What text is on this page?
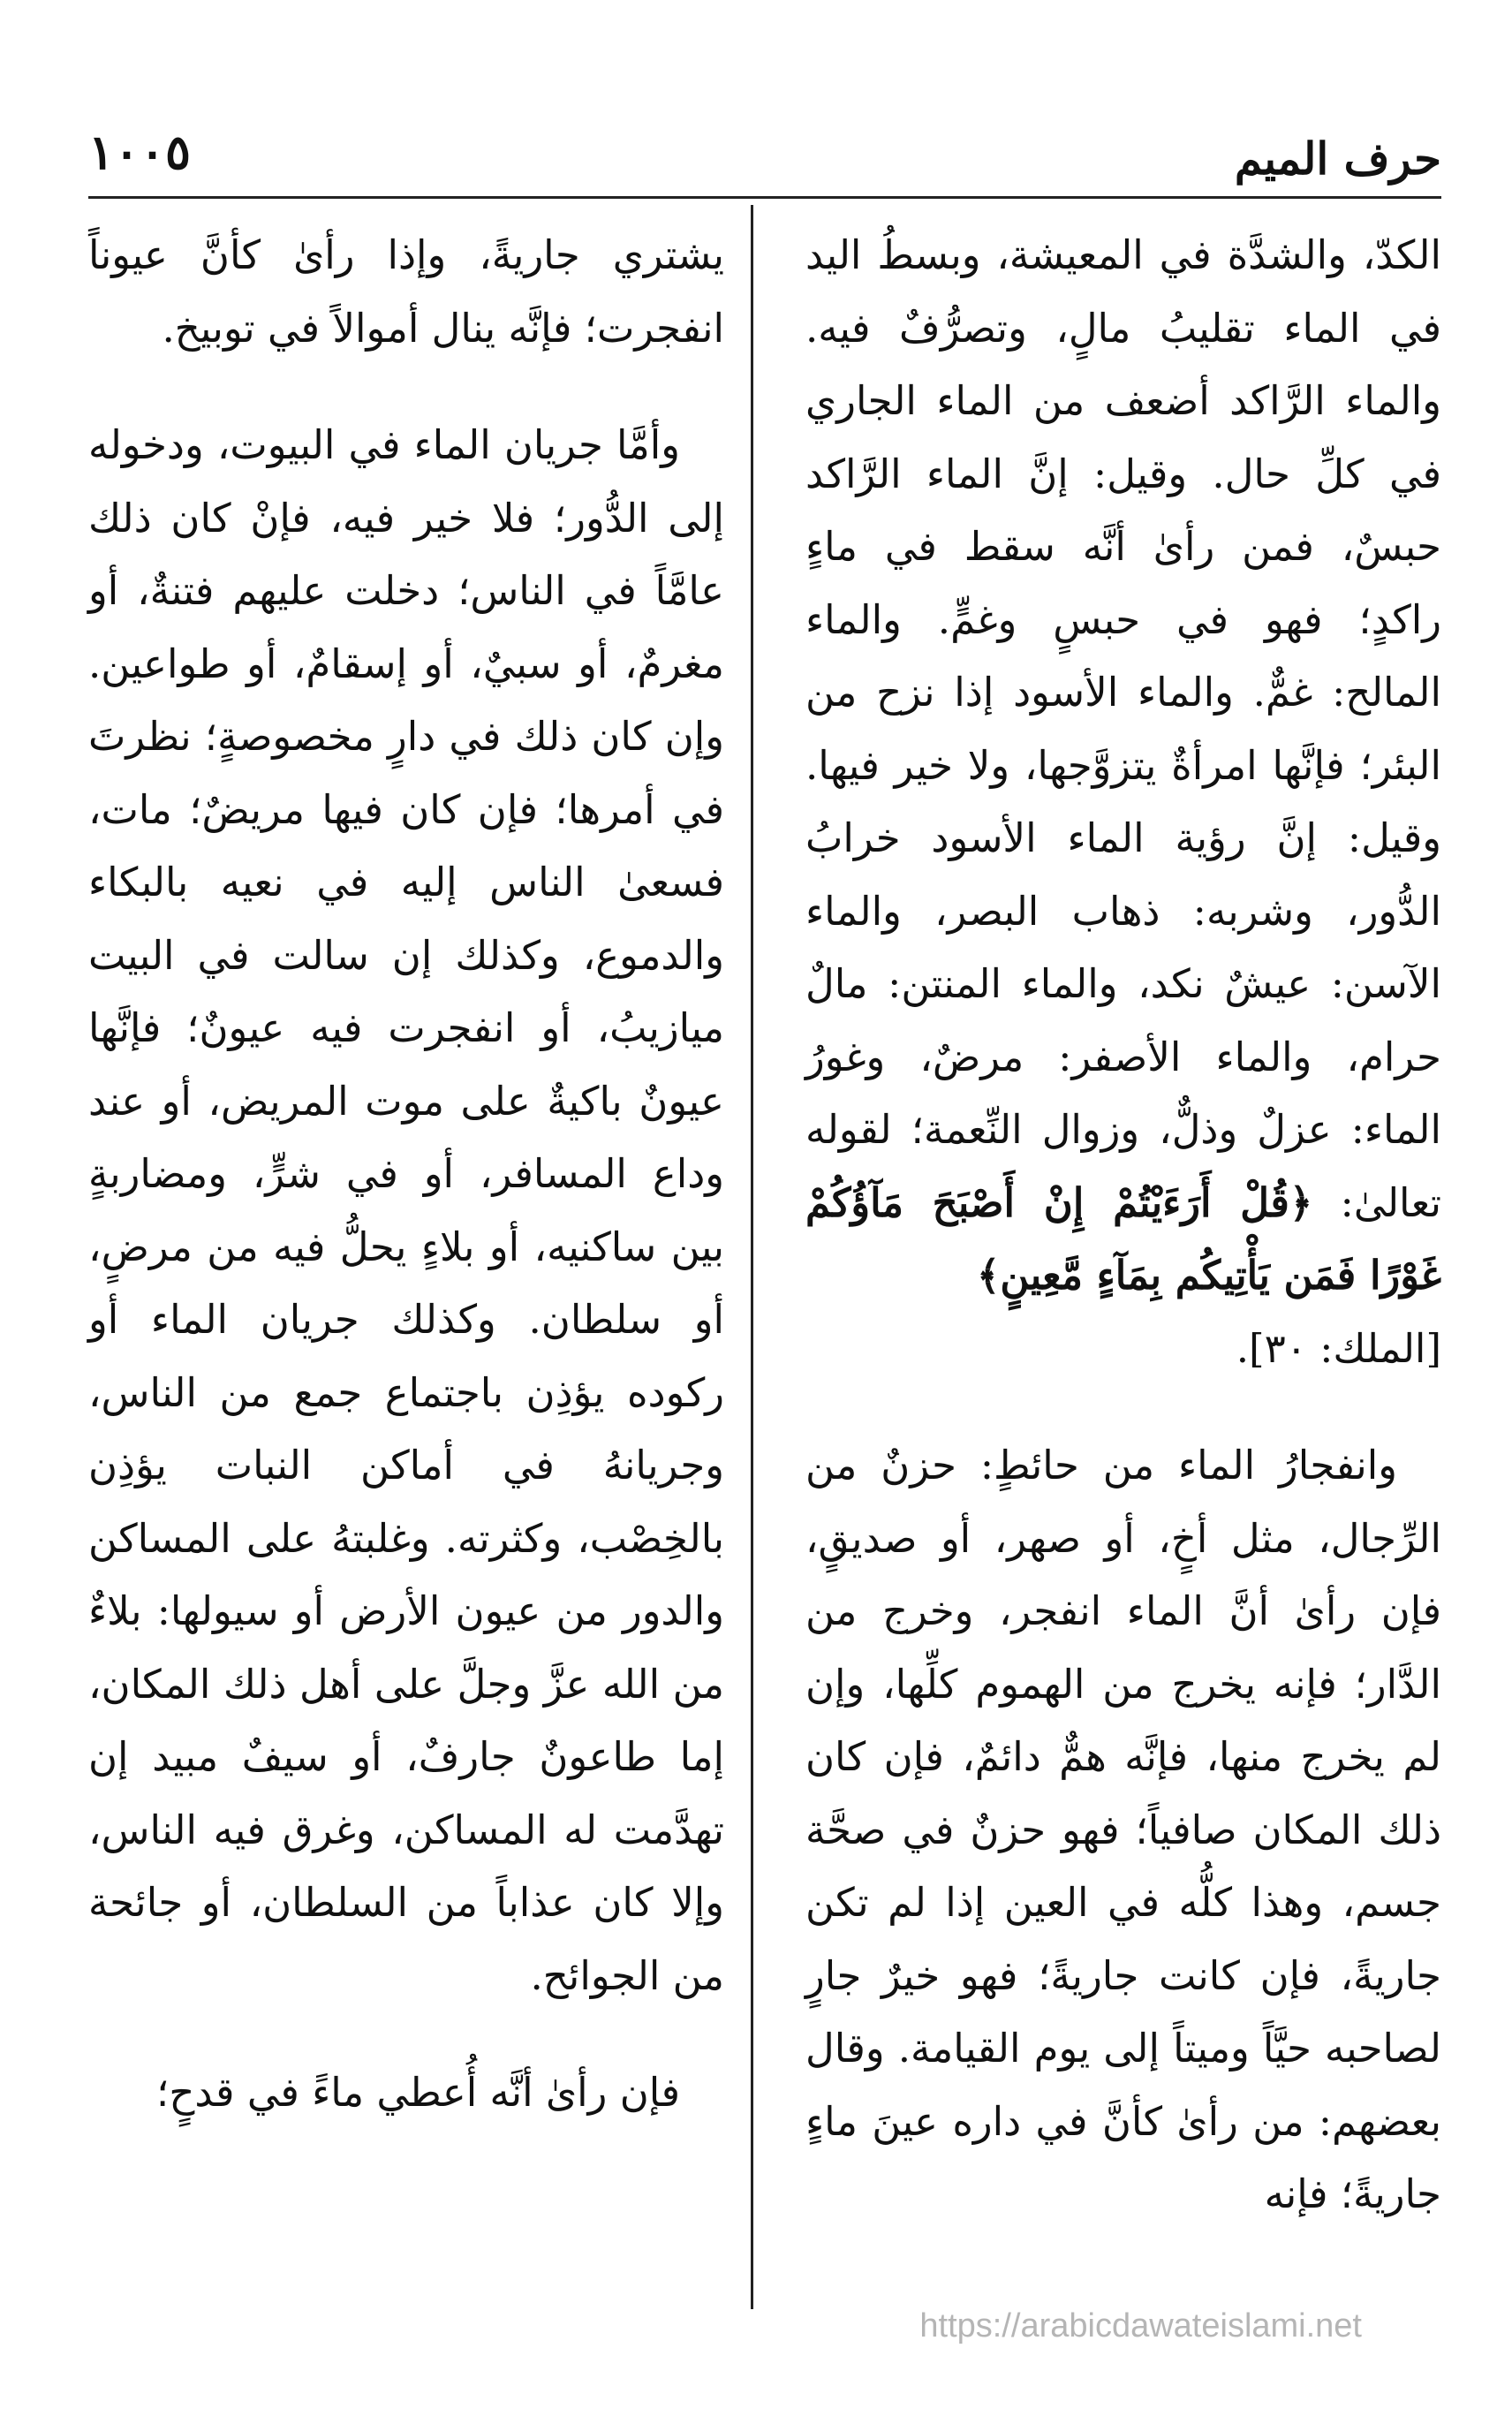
حرف الميم
١٠٠٥

الكدّ، والشدَّة في المعيشة، وبسطُ اليد في الماء تقليبُ مالٍ، وتصرُّفٌ فيه. والماء الرَّاكد أضعف من الماء الجاري في كلِّ حال. وقيل: إنَّ الماء الرَّاكد حبسٌ، فمن رأىٰ أنَّه سقط في ماءٍ راكدٍ؛ فهو في حبسٍ وغمٍّ. والماء المالح: غمٌّ. والماء الأسود إذا نزح من البئر؛ فإنَّها امرأةٌ يتزوَّجها، ولا خير فيها. وقيل: إنَّ رؤية الماء الأسود خرابُ الدُّور، وشربه: ذهاب البصر، والماء الآسن: عيشٌ نكد، والماء المنتن: مالٌ حرام، والماء الأصفر: مرضٌ، وغورُ الماء: عزلٌ وذلٌّ، وزوال النِّعمة؛ لقوله تعالىٰ: ﴿قُلْ أَرَءَيْتُمْ إِنْ أَصْبَحَ مَآؤُكُمْ غَوْرًا فَمَن يَأْتِيكُم بِمَآءٍ مَّعِينٍ﴾
[الملك: ٣٠].

وانفجارُ الماء من حائطٍ: حزنٌ من الرِّجال، مثل أخٍ، أو صهر، أو صديقٍ، فإن رأىٰ أنَّ الماء انفجر، وخرج من الدَّار؛ فإنه يخرج من الهموم كلِّها، وإن لم يخرج منها، فإنَّه همٌّ دائمٌ، فإن كان ذلك المكان صافياً؛ فهو حزنٌ في صحَّة جسم، وهذا كلُّه في العين إذا لم تكن جاريةً، فإن كانت جاريةً؛ فهو خيرٌ جارٍ لصاحبه حيَّاً وميتاً إلى يوم القيامة. وقال بعضهم: من رأىٰ كأنَّ في داره عينَ ماءٍ جاريةً؛ فإنه

يشتري جاريةً، وإذا رأىٰ كأنَّ عيوناً انفجرت؛ فإنَّه ينال أموالاً في توبيخ.

وأمَّا جريان الماء في البيوت، ودخوله إلى الدُّور؛ فلا خير فيه، فإنْ كان ذلك عامَّاً في الناس؛ دخلت عليهم فتنةٌ، أو مغرمٌ، أو سبيٌ، أو إسقامٌ، أو طواعين. وإن كان ذلك في دارٍ مخصوصةٍ؛ نظرتَ في أمرها؛ فإن كان فيها مريضٌ؛ مات، فسعىٰ الناس إليه في نعيه بالبكاء والدموع، وكذلك إن سالت في البيت ميازيبُ، أو انفجرت فيه عيونٌ؛ فإنَّها عيونٌ باكيةٌ على موت المريض، أو عند وداع المسافر، أو في شرٍّ، ومضاربةٍ بين ساكنيه، أو بلاءٍ يحلُّ فيه من مرضٍ، أو سلطان. وكذلك جريان الماء أو ركوده يؤذِن باجتماع جمع من الناس، وجريانهُ في أماكن النبات يؤذِن بالخِصْب، وكثرته. وغلبتهُ على المساكن والدور من عيون الأرض أو سيولها: بلاءٌ من الله عزَّ وجلَّ على أهل ذلك المكان، إما طاعونٌ جارفٌ، أو سيفٌ مبيد إن تهدَّمت له المساكن، وغرق فيه الناس، وإلا كان عذاباً من السلطان، أو جائحة من الجوائح.

فإن رأىٰ أنَّه أُعطي ماءً في قدحٍ؛

https://arabicdawateislami.net
